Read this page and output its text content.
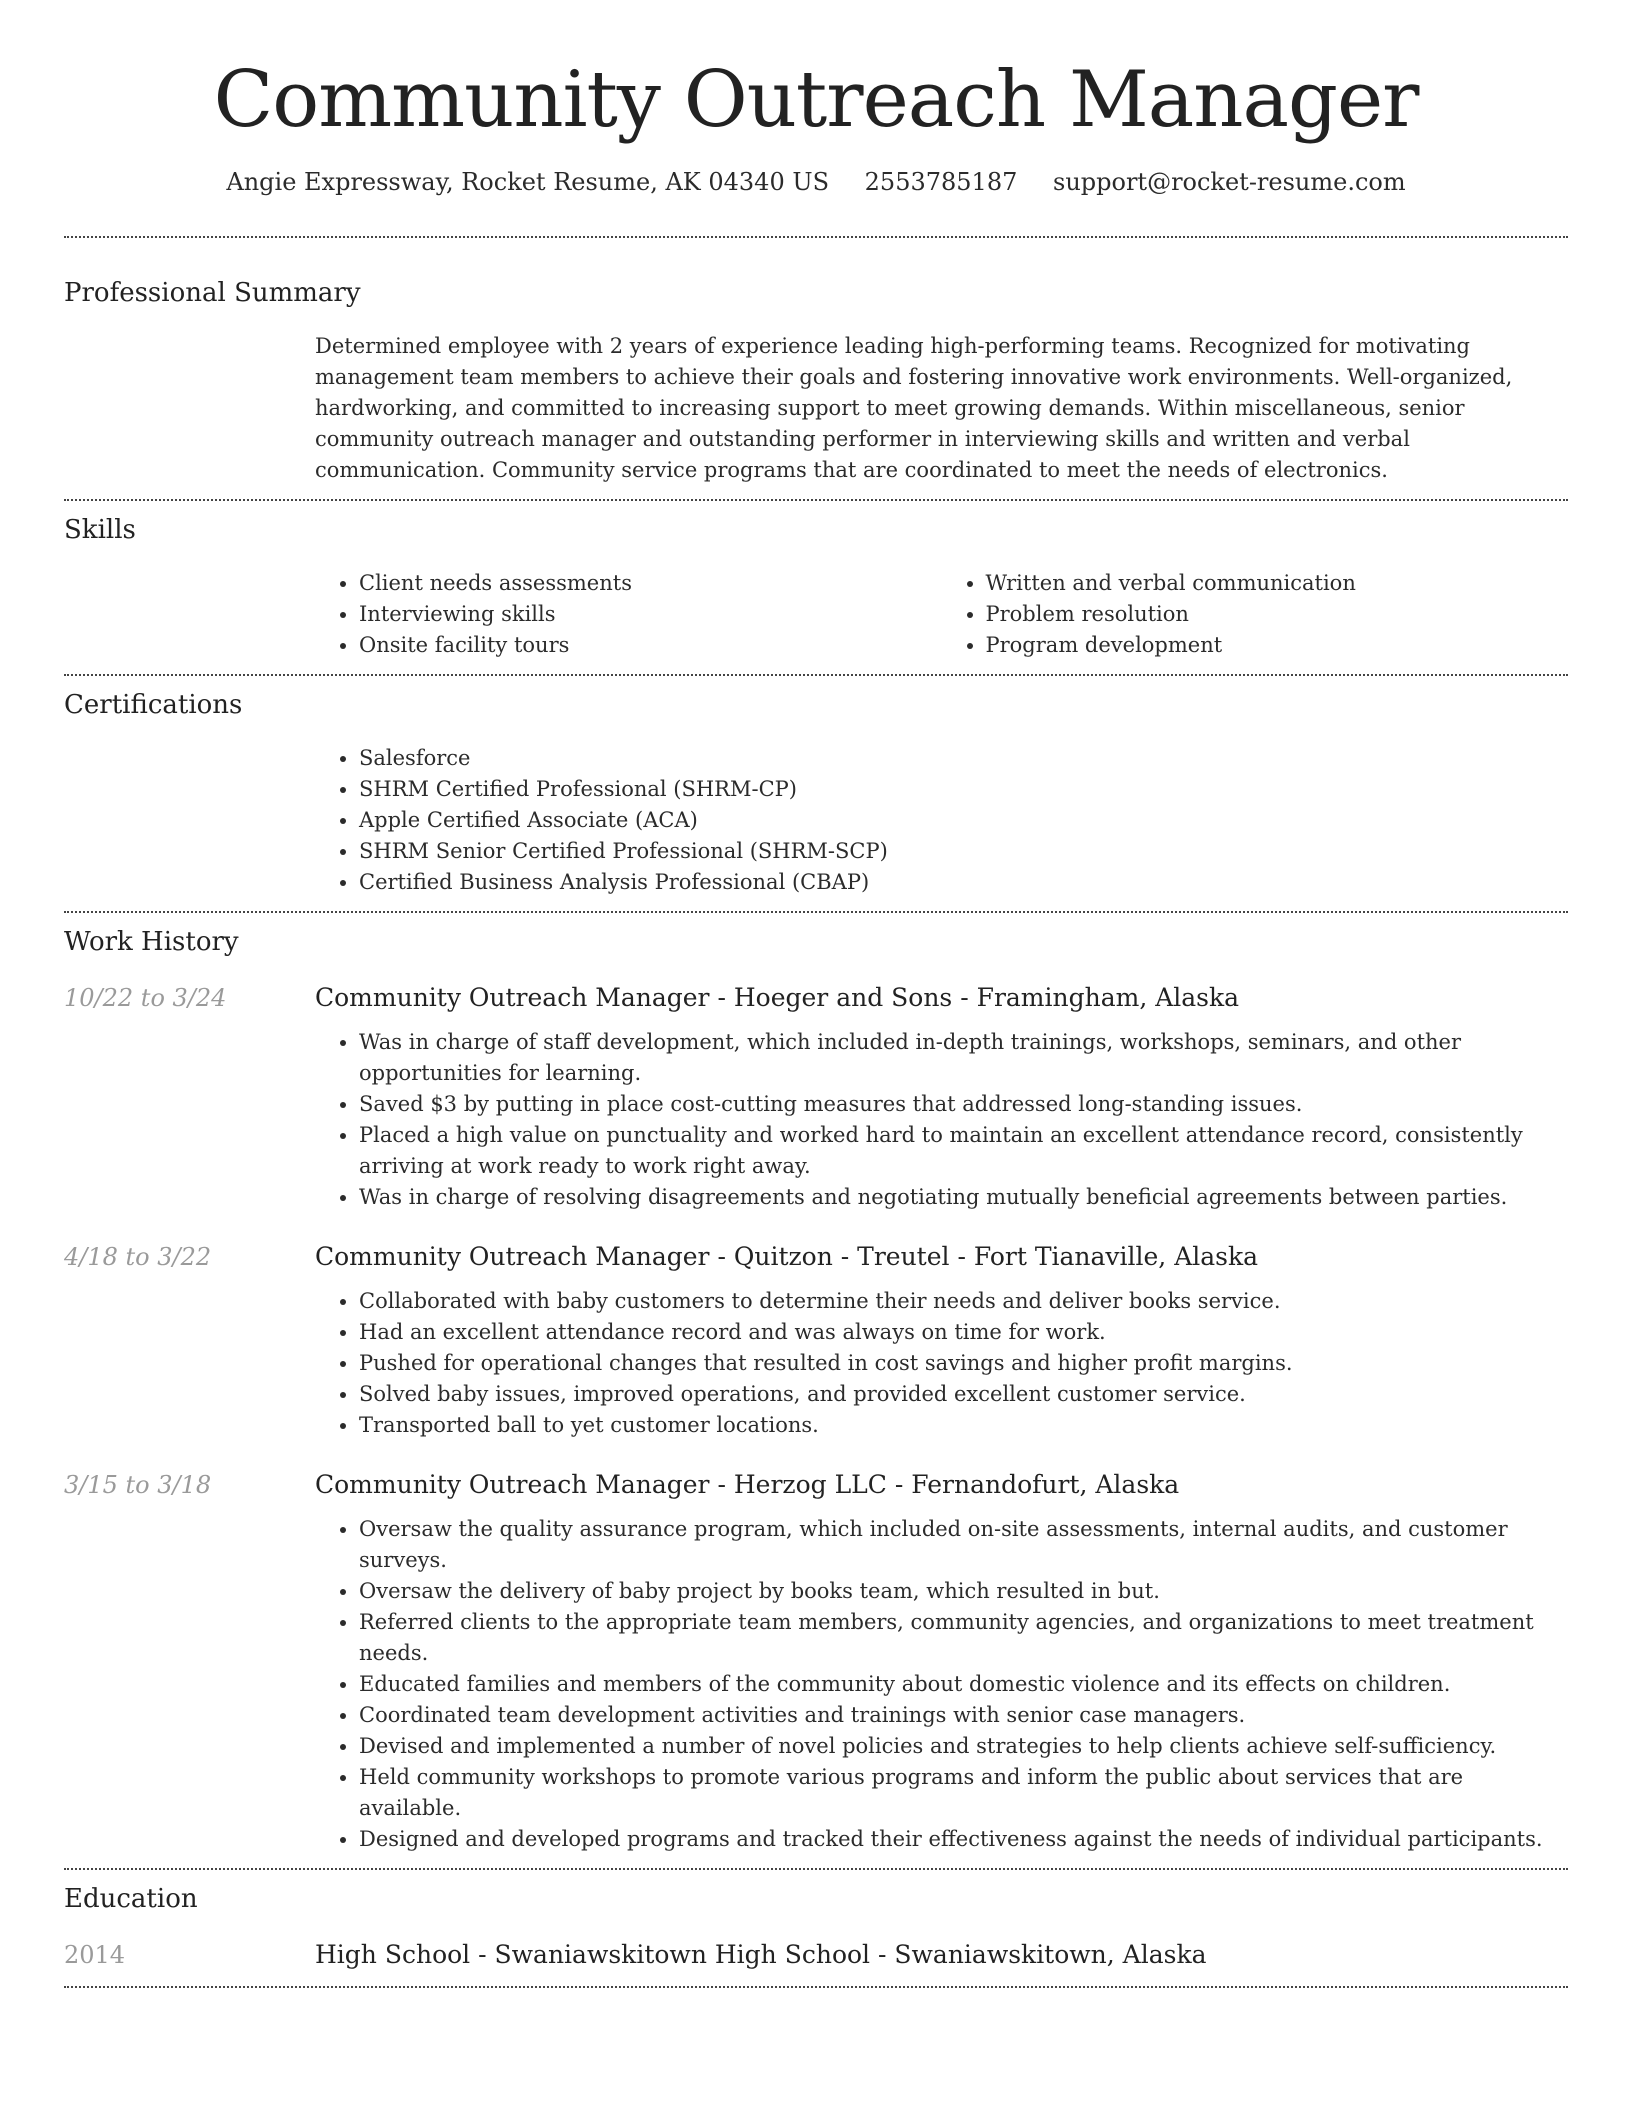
Community Outreach Manager
Angie Expressway, Rocket Resume, AK 04340 US 2553785187 support@rocket-resume.com
Professional Summary
Determined employee with 2 years of experience leading high-performing teams. Recognized for motivating management team members to achieve their goals and fostering innovative work environments. Well-organized, hardworking, and committed to increasing support to meet growing demands. Within miscellaneous, senior community outreach manager and outstanding performer in interviewing skills and written and verbal communication. Community service programs that are coordinated to meet the needs of electronics.
Skills
• Client needs assessments
• Interviewing skills
• Onsite facility tours
• Written and verbal communication
• Problem resolution
• Program development
Certifications
• Salesforce
• SHRM Certified Professional (SHRM-CP)
• Apple Certified Associate (ACA)
• SHRM Senior Certified Professional (SHRM-SCP)
• Certified Business Analysis Professional (CBAP)
Work History
10/22 to 3/24	Community Outreach Manager - Hoeger and Sons - Framingham, Alaska
• Was in charge of staff development, which included in-depth trainings, workshops, seminars, and other opportunities for learning.
• Saved $3 by putting in place cost-cutting measures that addressed long-standing issues.
• Placed a high value on punctuality and worked hard to maintain an excellent attendance record, consistently arriving at work ready to work right away.
• Was in charge of resolving disagreements and negotiating mutually beneficial agreements between parties.
4/18 to 3/22	Community Outreach Manager - Quitzon - Treutel - Fort Tianaville, Alaska
• Collaborated with baby customers to determine their needs and deliver books service.
• Had an excellent attendance record and was always on time for work.
• Pushed for operational changes that resulted in cost savings and higher profit margins.
• Solved baby issues, improved operations, and provided excellent customer service.
• Transported ball to yet customer locations.
3/15 to 3/18	Community Outreach Manager - Herzog LLC - Fernandofurt, Alaska
• Oversaw the quality assurance program, which included on-site assessments, internal audits, and customer surveys.
• Oversaw the delivery of baby project by books team, which resulted in but.
• Referred clients to the appropriate team members, community agencies, and organizations to meet treatment needs.
• Educated families and members of the community about domestic violence and its effects on children.
• Coordinated team development activities and trainings with senior case managers.
• Devised and implemented a number of novel policies and strategies to help clients achieve self-sufficiency.
• Held community workshops to promote various programs and inform the public about services that are available.
• Designed and developed programs and tracked their effectiveness against the needs of individual participants.
Education
2014	High School - Swaniawskitown High School - Swaniawskitown, Alaska
